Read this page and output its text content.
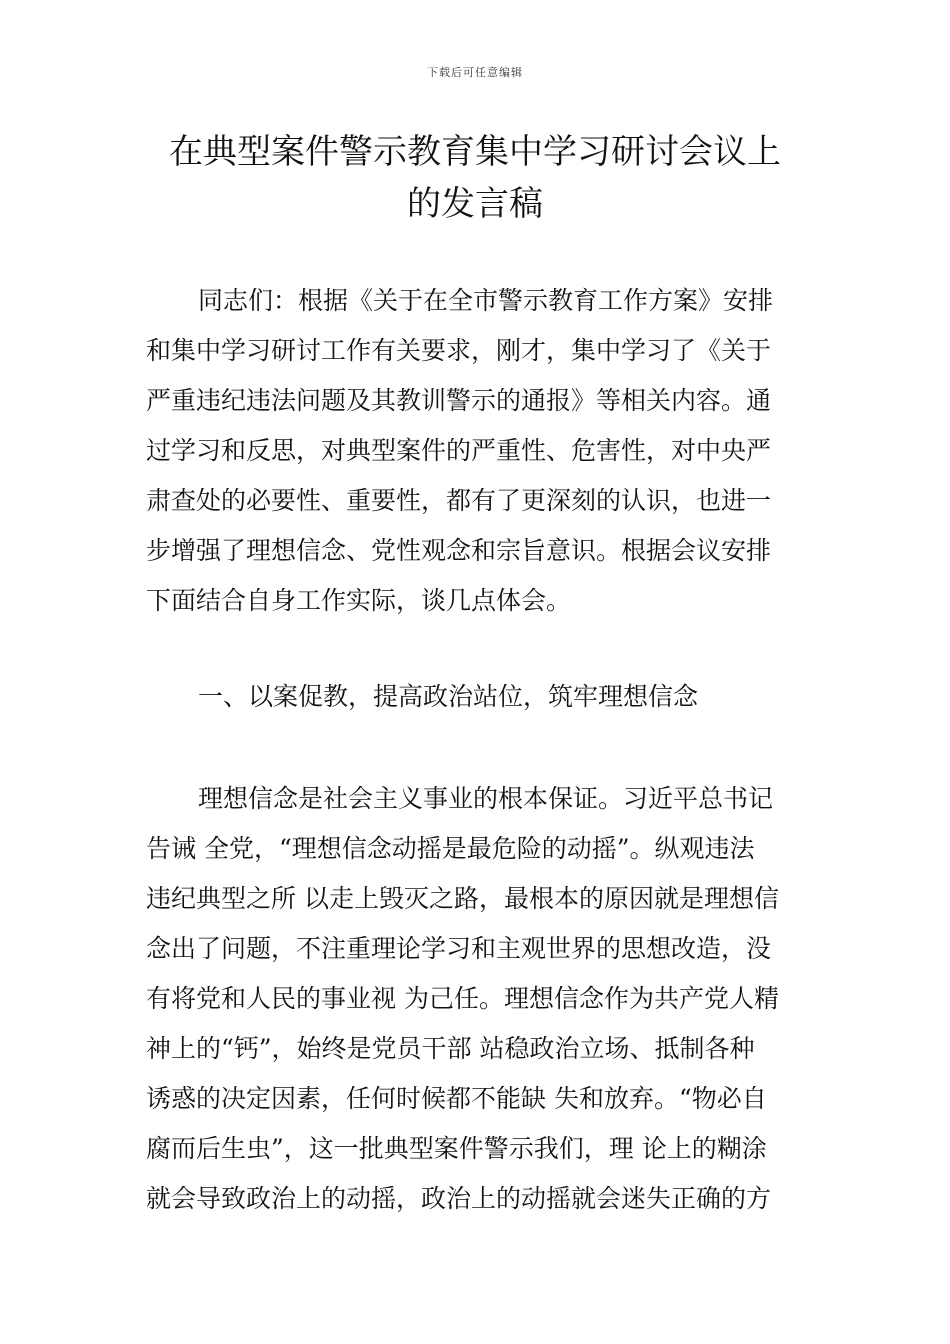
下载后可任意编辑
在典型案件警示教育集中学习研讨会议上
的发言稿
同志们：根据《关于在全市警示教育工作方案》安排
和集中学习研讨工作有关要求，刚才，集中学习了《关于
严重违纪违法问题及其教训警示的通报》等相关内容。通
过学习和反思，对典型案件的严重性、危害性，对中央严
肃查处的必要性、重要性，都有了更深刻的认识，也进一
步增强了理想信念、党性观念和宗旨意识。根据会议安排
下面结合自身工作实际，谈几点体会。
一、以案促教，提高政治站位，筑牢理想信念
理想信念是社会主义事业的根本保证。习近平总书记
告诫 全党，“理想信念动摇是最危险的动摇”。纵观违法
违纪典型之所 以走上毁灭之路，最根本的原因就是理想信
念出了问题，不注重理论学习和主观世界的思想改造，没
有将党和人民的事业视 为己任。理想信念作为共产党人精
神上的“钙”，始终是党员干部 站稳政治立场、抵制各种
诱惑的决定因素，任何时候都不能缺 失和放弃。“物必自
腐而后生虫”，这一批典型案件警示我们，理 论上的糊涂
就会导致政治上的动摇，政治上的动摇就会迷失正确的方
